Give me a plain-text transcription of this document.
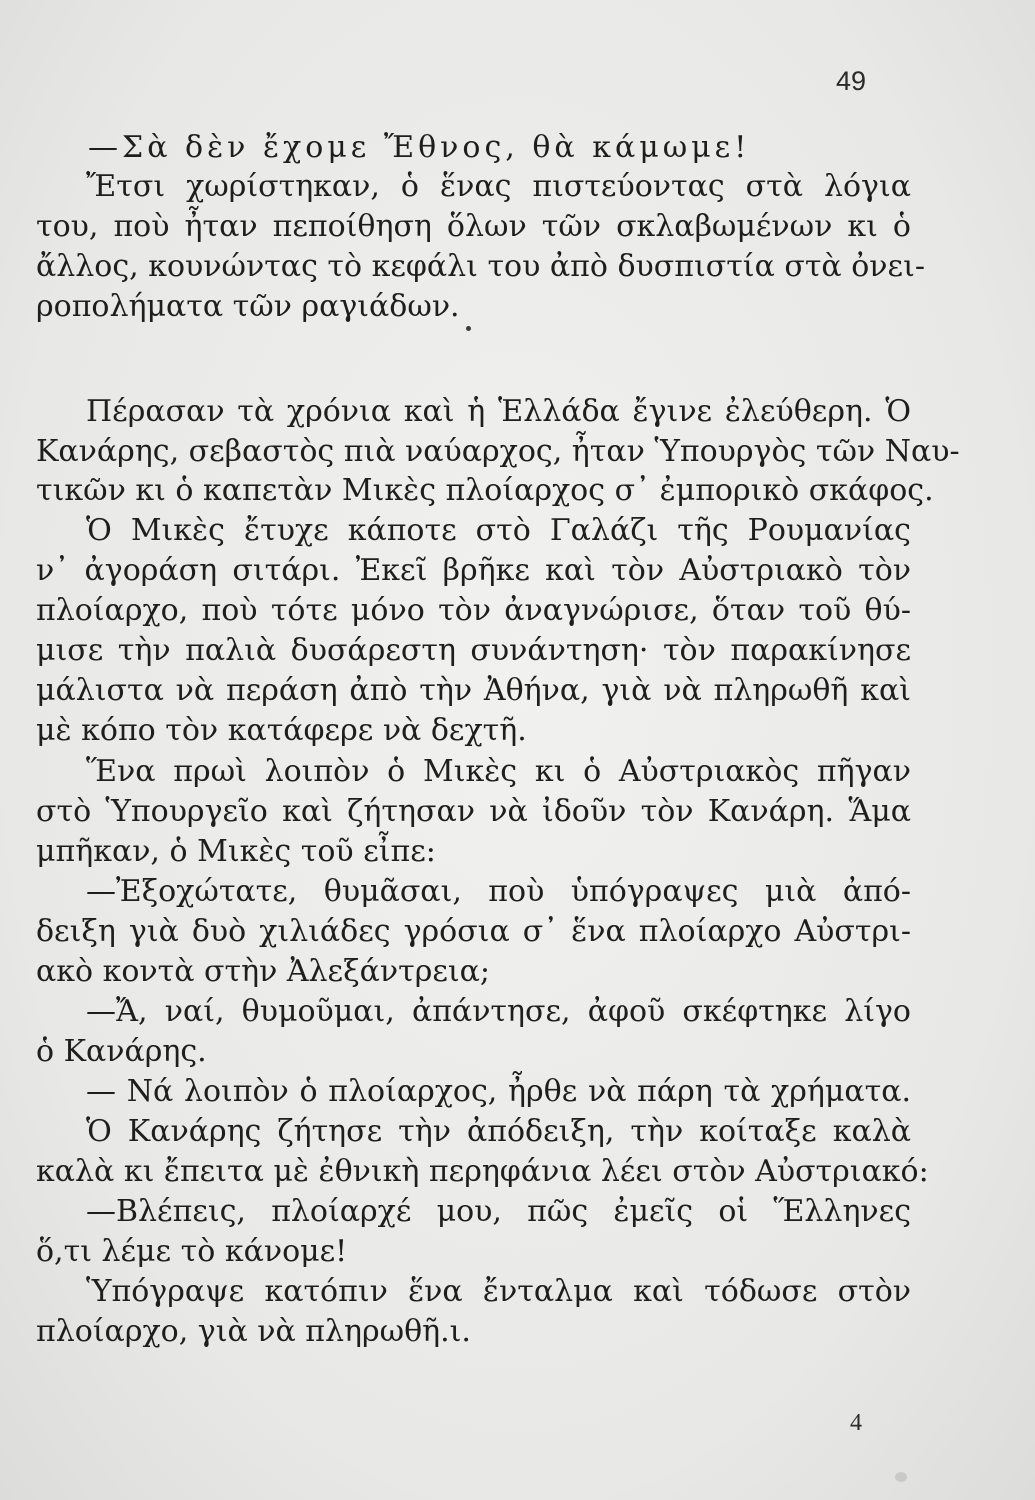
49
—Σὰ δὲν ἔχομε Ἔθνος, θὰ κάμωμε!
Ἔτσι χωρίστηκαν, ὁ ἕνας πιστεύοντας στὰ λόγια
του, ποὺ ἦταν πεποίθηση ὅλων τῶν σκλαβωμένων κι ὁ
ἄλλος, κουνώντας τὸ κεφάλι του ἀπὸ δυσπιστία στὰ ὀνει-
ροπολήματα τῶν ραγιάδων.
Πέρασαν τὰ χρόνια καὶ ἡ Ἑλλάδα ἔγινε ἐλεύθερη. Ὁ
Κανάρης, σεβαστὸς πιὰ ναύαρχος, ἦταν Ὑπουργὸς τῶν Ναυ-
τικῶν κι ὁ καπετὰν Μικὲς πλοίαρχος σ᾽ ἐμπορικὸ σκάφος.
Ὁ Μικὲς ἔτυχε κάποτε στὸ Γαλάζι τῆς Ρουμανίας
ν᾽ ἀγοράση σιτάρι. Ἐκεῖ βρῆκε καὶ τὸν Αὐστριακὸ τὸν
πλοίαρχο, ποὺ τότε μόνο τὸν ἀναγνώρισε, ὅταν τοῦ θύ-
μισε τὴν παλιὰ δυσάρεστη συνάντηση· τὸν παρακίνησε
μάλιστα νὰ περάση ἀπὸ τὴν Ἀθήνα, γιὰ νὰ πληρωθῆ καὶ
μὲ κόπο τὸν κατάφερε νὰ δεχτῆ.
Ἕνα πρωὶ λοιπὸν ὁ Μικὲς κι ὁ Αὐστριακὸς πῆγαν
στὸ Ὑπουργεῖο καὶ ζήτησαν νὰ ἰδοῦν τὸν Κανάρη. Ἅμα
μπῆκαν, ὁ Μικὲς τοῦ εἶπε:
—Ἐξοχώτατε, θυμᾶσαι, ποὺ ὑπόγραψες μιὰ ἀπό-
δειξη γιὰ δυὸ χιλιάδες γρόσια σ᾽ ἕνα πλοίαρχο Αὐστρι-
ακὸ κοντὰ στὴν Ἀλεξάντρεια;
—Ἄ, ναί, θυμοῦμαι, ἀπάντησε, ἀφοῦ σκέφτηκε λίγο
ὁ Κανάρης.
— Νά λοιπὸν ὁ πλοίαρχος, ἦρθε νὰ πάρη τὰ χρήματα.
Ὁ Κανάρης ζήτησε τὴν ἀπόδειξη, τὴν κοίταξε καλὰ
καλὰ κι ἔπειτα μὲ ἐθνικὴ περηφάνια λέει στὸν Αὐστριακό:
—Βλέπεις, πλοίαρχέ μου, πῶς ἐμεῖς οἱ Ἕλληνες
ὅ,τι λέμε τὸ κάνομε!
Ὑπόγραψε κατόπιν ἕνα ἔνταλμα καὶ τόδωσε στὸν
πλοίαρχο, γιὰ νὰ πληρωθῆ.ι.
4
